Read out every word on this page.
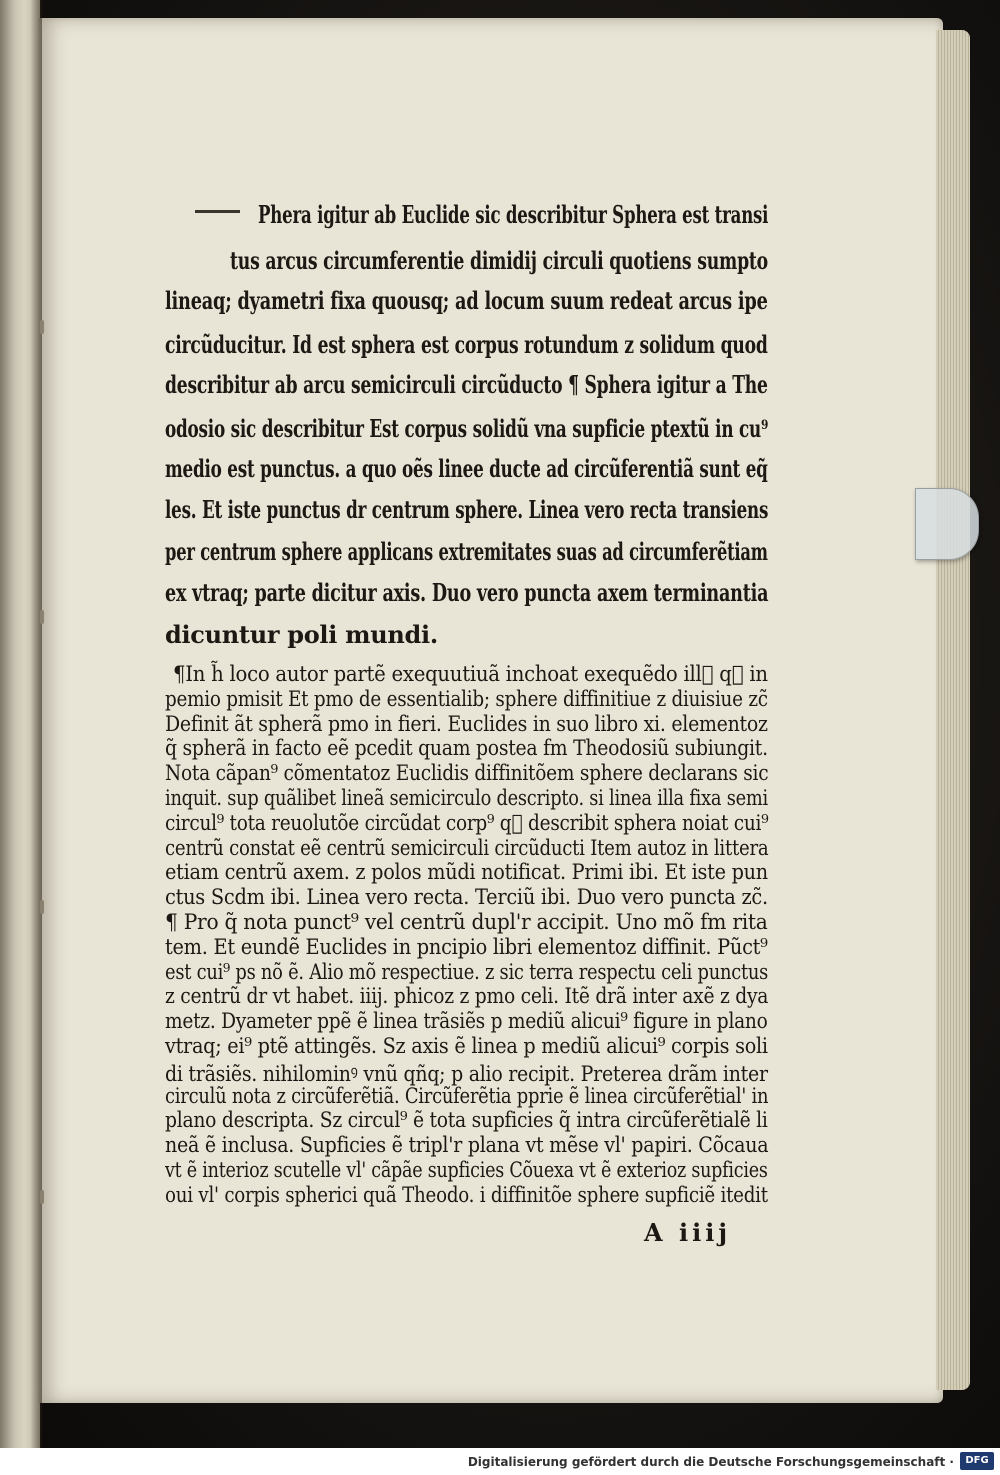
Phera igitur ab Euclide sic describitur Sphera est transi
tus arcus circumferentie dimidij circuli quotiens sumpto
lineaq; dyametri fixa quousq; ad locum suum redeat arcus ipe
circũducitur. Id est sphera est corpus rotundum z solidum quod
describitur ab arcu semicirculi circũducto ¶ Sphera igitur a The
odosio sic describitur Est corpus solidũ vna supficie ptextũ in cu⁹
medio est punctus. a quo oẽs linee ducte ad circũferentiã sunt eq̃
les. Et iste punctus dr centrum sphere. Linea vero recta transiens
per centrum sphere applicans extremitates suas ad circumferẽtiam
ex vtraq; parte dicitur axis. Duo vero puncta axem terminantia
dicuntur poli mundi.
¶In h̃ loco autor partẽ exequutiuã inchoat exequẽdo illᷓ qᷓ in
pemio pmisit Et pmo de essentialib; sphere diffinitiue z diuisiue zc̃
Definit ãt spherã pmo in fieri. Euclides in suo libro xi. elementoz
q̃ spherã in facto eẽ pcedit quam postea fm Theodosiũ subiungit.
Nota cãpan⁹ cõmentatoz Euclidis diffinitõem sphere declarans sic
inquit. sup quãlibet lineã semicirculo descripto. si linea illa fixa semi
circul⁹ tota reuolutõe circũdat corp⁹ qᷓ describit sphera noiat cui⁹
centrũ constat eẽ centrũ semicirculi circũducti Item autoz in littera
etiam centrũ axem. z polos mũdi notificat. Primi ibi. Et iste pun
ctus Scdm ibi. Linea vero recta. Terciũ ibi. Duo vero puncta zc̃.
¶ Pro q̃ nota punct⁹ vel centrũ dupl'r accipit. Uno mõ fm rita
tem. Et eundẽ Euclides in pncipio libri elementoz diffinit. Pũct⁹
est cui⁹ ps nõ ẽ. Alio mõ respectiue. z sic terra respectu celi punctus
z centrũ dr vt habet. iiij. phicoz z pmo celi. Itẽ drã inter axẽ z dya
metz. Dyameter ppẽ ẽ linea trãsiẽs p mediũ alicui⁹ figure in plano
vtraq; ei⁹ ptẽ attingẽs. Sz axis ẽ linea p mediũ alicui⁹ corpis soli
di trãsiẽs. nihilominꝰ vnũ qñq; p alio recipit. Preterea drãm inter
circulũ nota z circũferẽtiã. Circũferẽtia pprie ẽ linea circũferẽtial' in
plano descripta. Sz circul⁹ ẽ tota supficies q̃ intra circũferẽtialẽ li
neã ẽ inclusa. Supficies ẽ tripl'r plana vt mẽse vl' papiri. Cõcaua
vt ẽ interioz scutelle vl' cãpãe supficies Cõuexa vt ẽ exterioz supficies
oui vl' corpis spherici quã Theodo. i diffinitõe sphere supficiẽ itedit
A iiij
Digitalisierung gefördert durch die Deutsche Forschungsgemeinschaft ·	DFG
